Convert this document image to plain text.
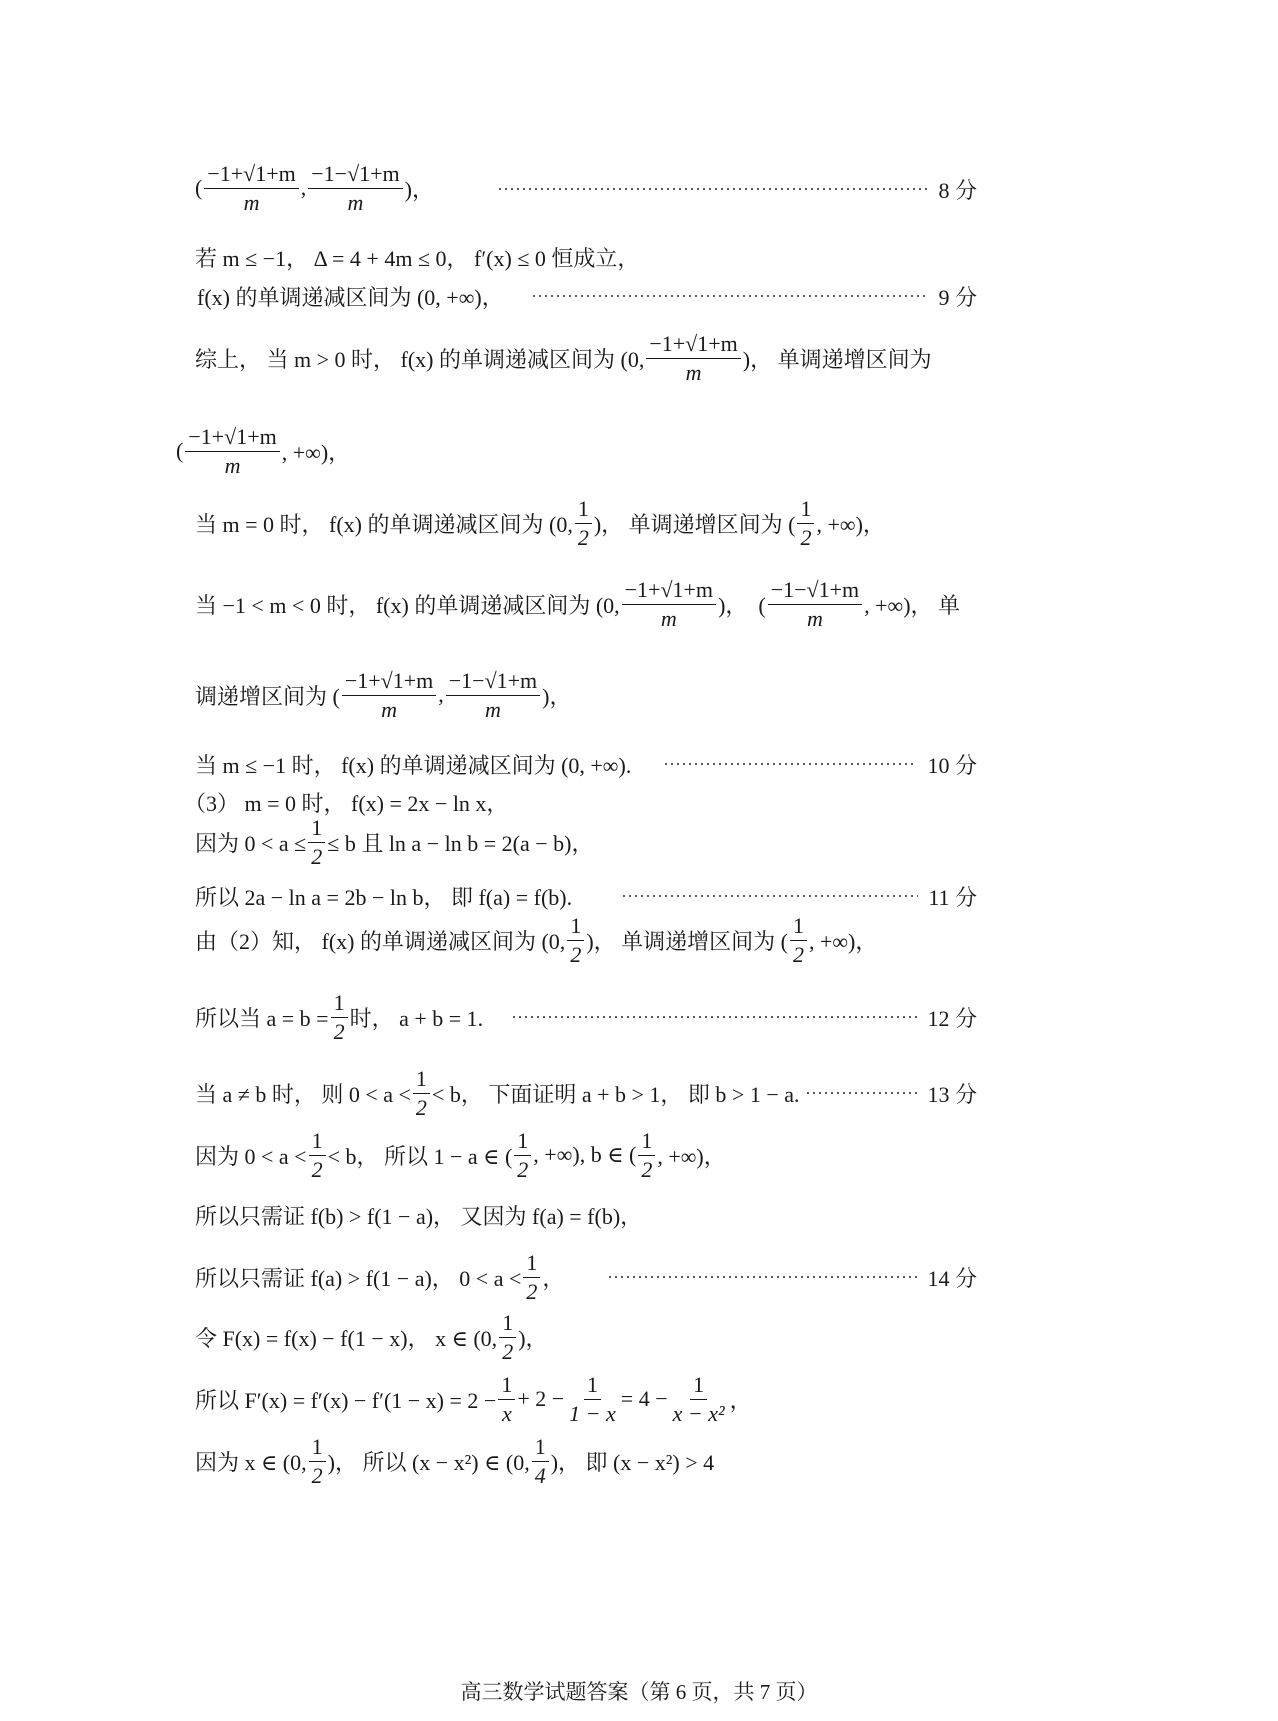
( $\frac{-1+√1+m}{m}$ , $\frac{-1-√1+m}{m}$ )，
若 m ≤ −1， Δ = 4 + 4m ≤ 0， f′(x) ≤ 0 恒成立，
f(x) 的单调递减区间为 (0, +∞)，
综上， 当 m > 0 时， f(x) 的单调递减区间为 (0, $\frac{-1+√1+m}{m}$ )， 单调递增区间为
( $\frac{-1+√1+m}{m}$ , +∞)，
当 m = 0 时， f(x) 的单调递减区间为 (0, $\frac{1}{2}$ )， 单调递增区间为 ( $\frac{1}{2}$ , +∞)，
当 −1 < m < 0 时， f(x) 的单调递减区间为 (0, $\frac{-1+√1+m}{m}$ )，  ( $\frac{-1-√1+m}{m}$ , +∞)， 单
调递增区间为 ( $\frac{-1+√1+m}{m}$ , $\frac{-1-√1+m}{m}$ )，
当 m ≤ −1 时， f(x) 的单调递减区间为 (0, +∞).
（3） m = 0 时， f(x) = 2x − ln x，
因为 $0 < a \le \frac{1}{2} \le b$ 且 ln a − ln b = 2(a − b)，
所以 2a − ln a = 2b − ln b， 即 f(a) = f(b).
由（2）知， f(x) 的单调递减区间为 (0, $\frac{1}{2}$ )， 单调递增区间为 ( $\frac{1}{2}$ , +∞)，
所以当 $a = b = \frac{1}{2}$ 时， a + b = 1.
当 a ≠ b 时， 则 $0 < a < \frac{1}{2} < b$， 下面证明 a + b > 1， 即 b > 1 − a.
因为 $0 < a < \frac{1}{2} < b$， 所以 1 − a ∈ ( $\frac{1}{2}$ , +∞), b ∈ ( $\frac{1}{2}$ , +∞)，
所以只需证 f(b) > f(1 − a)， 又因为 f(a) = f(b)，
所以只需证 f(a) > f(1 − a)， $0 < a < \frac{1}{2}$ ，
令 F(x) = f(x) − f(1 − x)， x ∈ (0, $\frac{1}{2}$ )，
所以 $F'(x) = f'(x) - f'(1 - x) = 2 - \frac{1}{x} + 2 - \frac{1}{1 - x} = 4 - \frac{1}{\text{x − x²}}$ ，
因为 x ∈ (0, $\frac{1}{2}$ )， 所以 (x − x²) ∈ (0, $\frac{1}{4}$ )， 即 (x − x²) > 4
8 分
9 分
10 分
11 分
12 分
13 分
14 分
高三数学试题答案（第 6 页，共 7 页）
